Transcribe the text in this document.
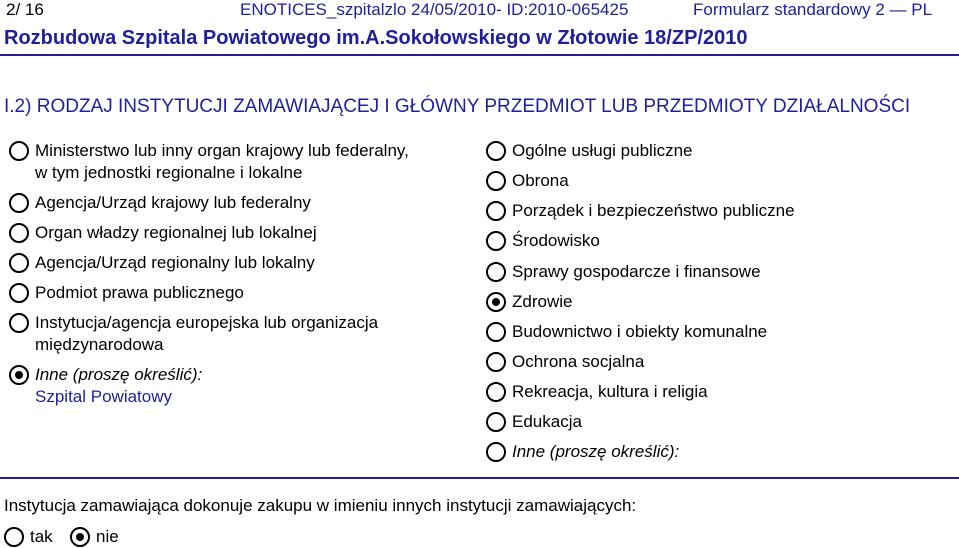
2/ 16	ENOTICES_szpitalzlo 24/05/2010- ID:2010-065425	Formularz standardowy 2 — PL
Rozbudowa Szpitala Powiatowego im.A.Sokołowskiego w Złotowie 18/ZP/2010
I.2) RODZAJ INSTYTUCJI ZAMAWIAJĄCEJ I GŁÓWNY PRZEDMIOT LUB PRZEDMIOTY DZIAŁALNOŚCI
Ministerstwo lub inny organ krajowy lub federalny,
w tym jednostki regionalne i lokalne
Agencja/Urząd krajowy lub federalny
Organ władzy regionalnej lub lokalnej
Agencja/Urząd regionalny lub lokalny
Podmiot prawa publicznego
Instytucja/agencja europejska lub organizacja
międzynarodowa
Inne (proszę określić):
Szpital Powiatowy
Ogólne usługi publiczne
Obrona
Porządek i bezpieczeństwo publiczne
Środowisko
Sprawy gospodarcze i finansowe
Zdrowie
Budownictwo i obiekty komunalne
Ochrona socjalna
Rekreacja, kultura i religia
Edukacja
Inne (proszę określić):
Instytucja zamawiająca dokonuje zakupu w imieniu innych instytucji zamawiających:
tak	nie
